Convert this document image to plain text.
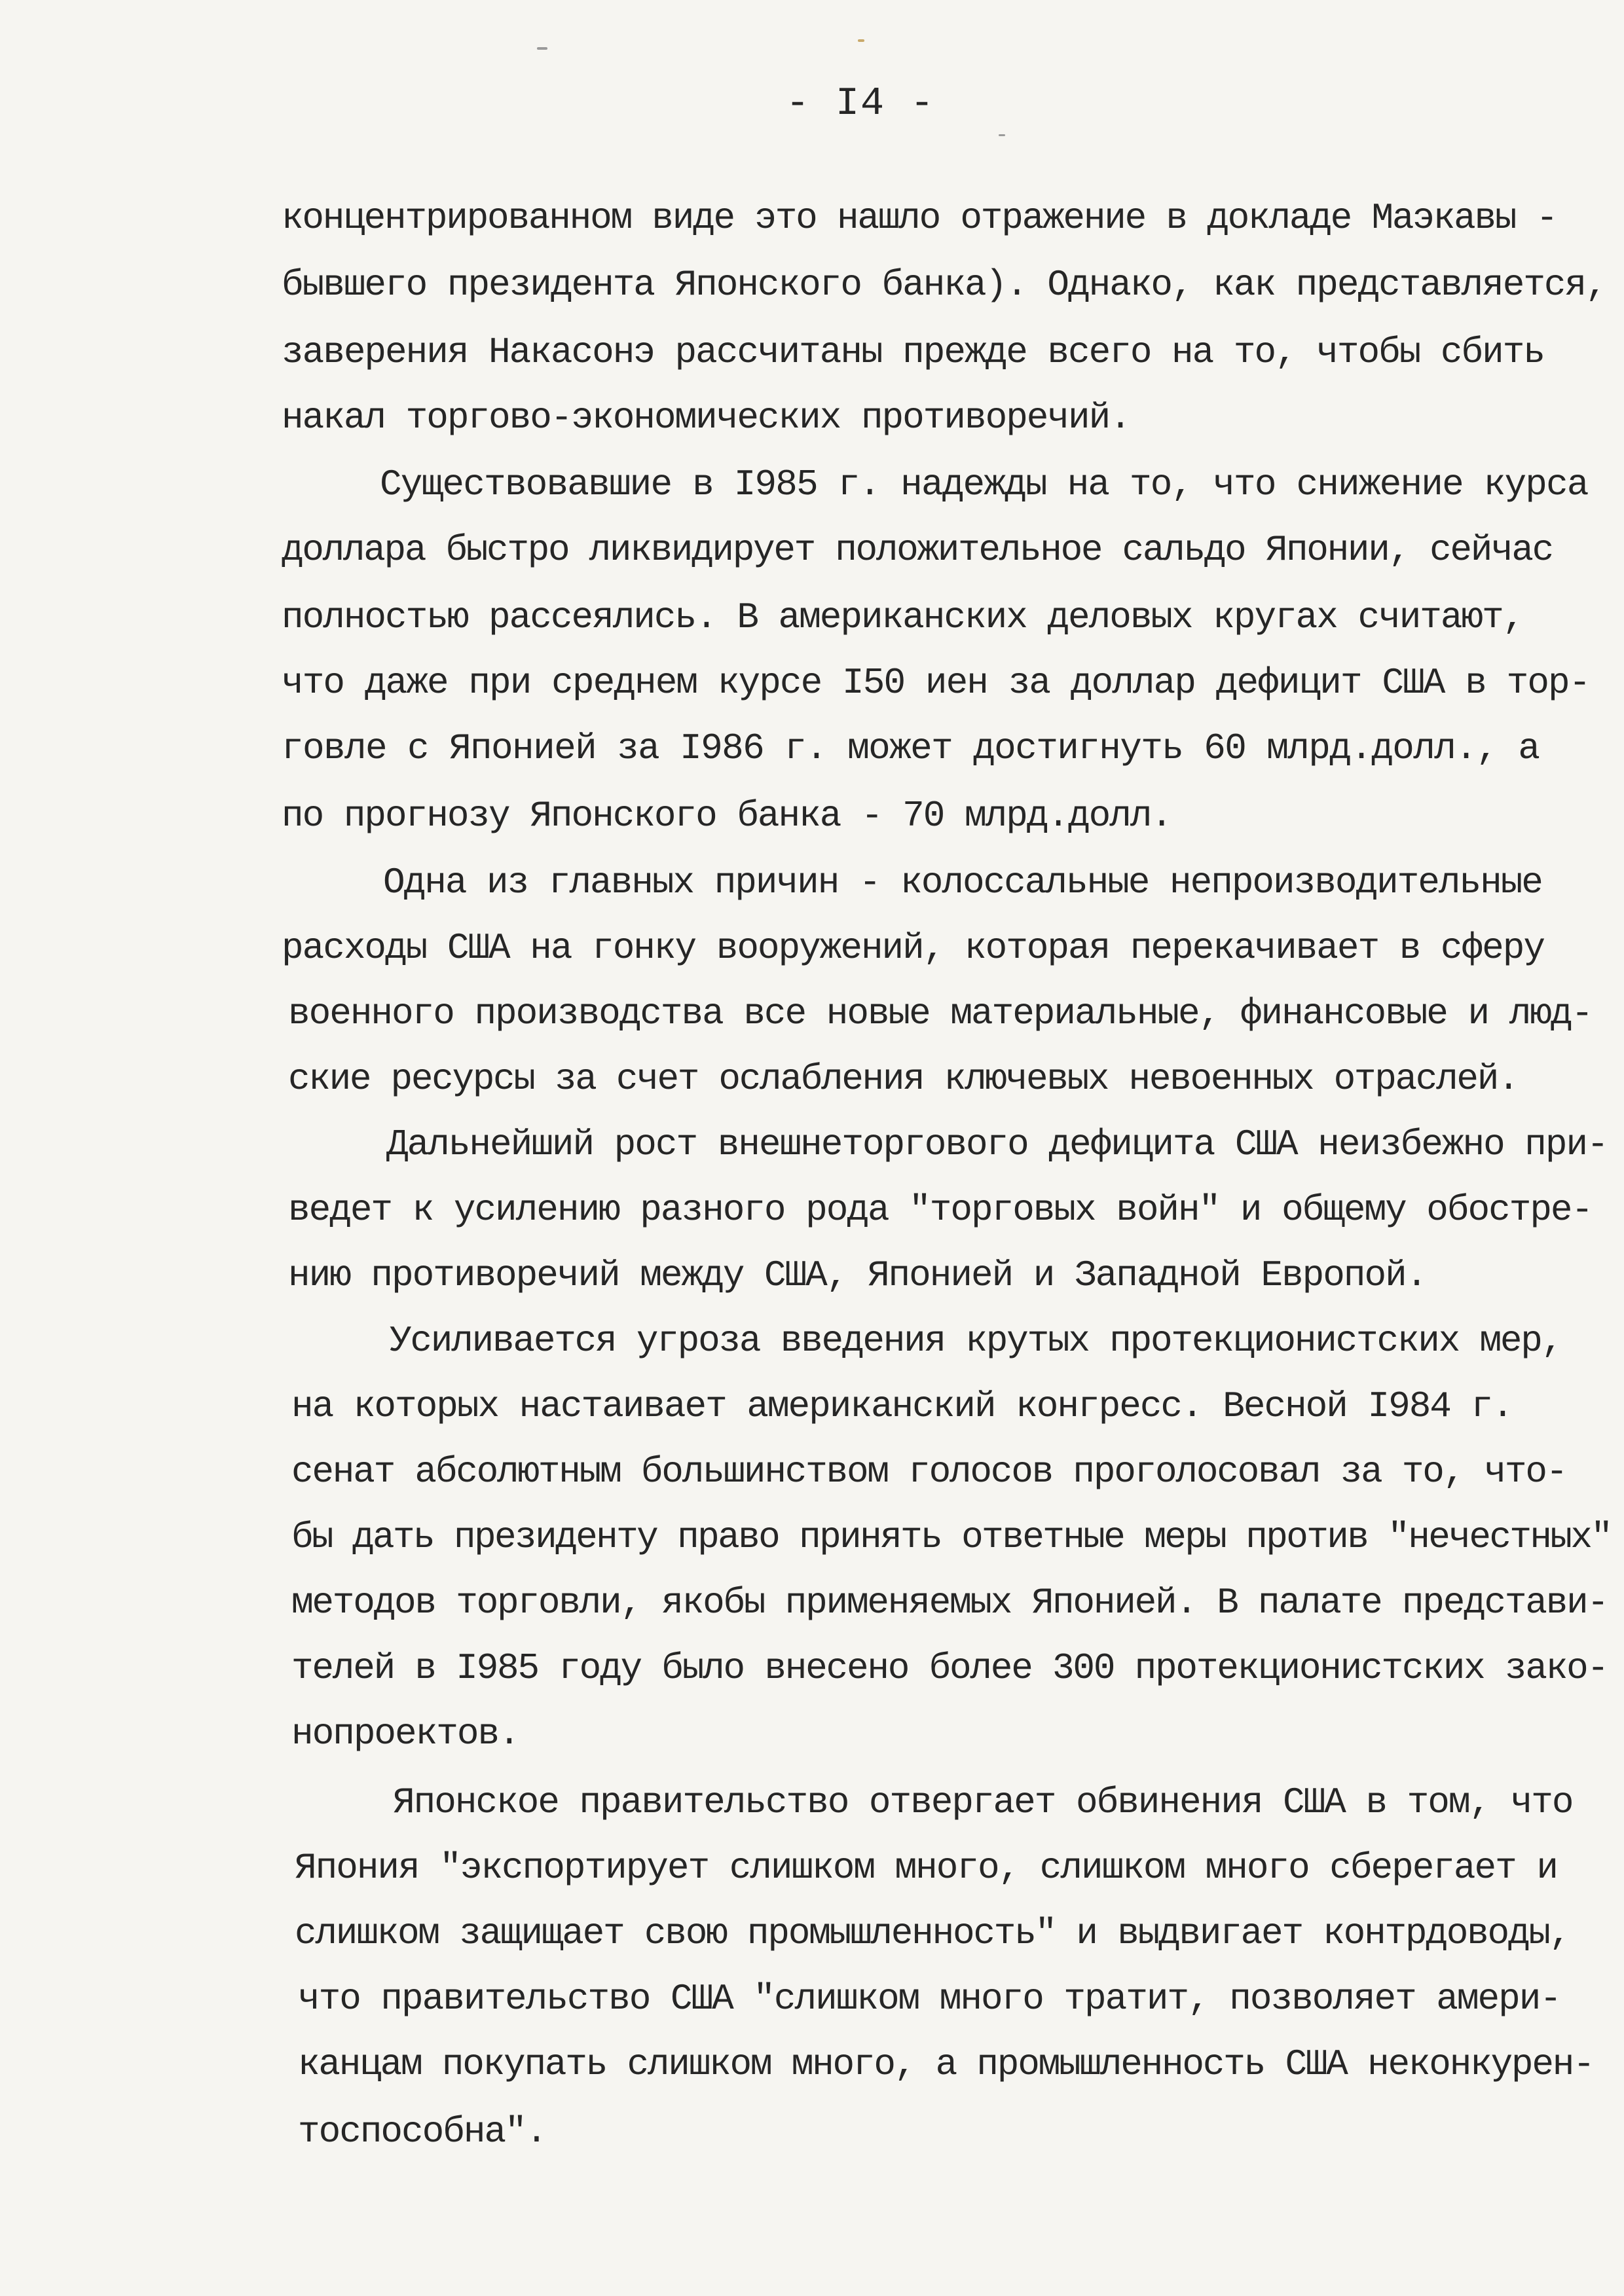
- I4 -
концентрированном виде это нашло отражение в докладе Маэкавы -
бывшего президента Японского банка). Однако, как представляется,
заверения Накасонэ рассчитаны прежде всего на то, чтобы сбить
накал торгово-экономических противоречий.
Существовавшие в I985 г. надежды на то, что снижение курса
доллара быстро ликвидирует положительное сальдо Японии, сейчас
полностью рассеялись. В американских деловых кругах считают,
что даже при среднем курсе I50 иен за доллар дефицит США в тор-
говле с Японией за I986 г. может достигнуть 60 млрд.долл., а
по прогнозу Японского банка - 70 млрд.долл.
Одна из главных причин - колоссальные непроизводительные
расходы США на гонку вооружений, которая перекачивает в сферу
военного производства все новые материальные, финансовые и люд-
ские ресурсы за счет ослабления ключевых невоенных отраслей.
Дальнейший рост внешнеторгового дефицита США неизбежно при-
ведет к усилению разного рода "торговых войн" и общему обостре-
нию противоречий между США, Японией и Западной Европой.
Усиливается угроза введения крутых протекционистских мер,
на которых настаивает американский конгресс. Весной I984 г.
сенат абсолютным большинством голосов проголосовал за то, что-
бы дать президенту право принять ответные меры против "нечестных"
методов торговли, якобы применяемых Японией. В палате представи-
телей в I985 году было внесено более 300 протекционистских зако-
нопроектов.
Японское правительство отвергает обвинения США в том, что
Япония "экспортирует слишком много, слишком много сберегает и
слишком защищает свою промышленность" и выдвигает контрдоводы,
что правительство США "слишком много тратит, позволяет амери-
канцам покупать слишком много, а промышленность США неконкурен-
тоспособна".
